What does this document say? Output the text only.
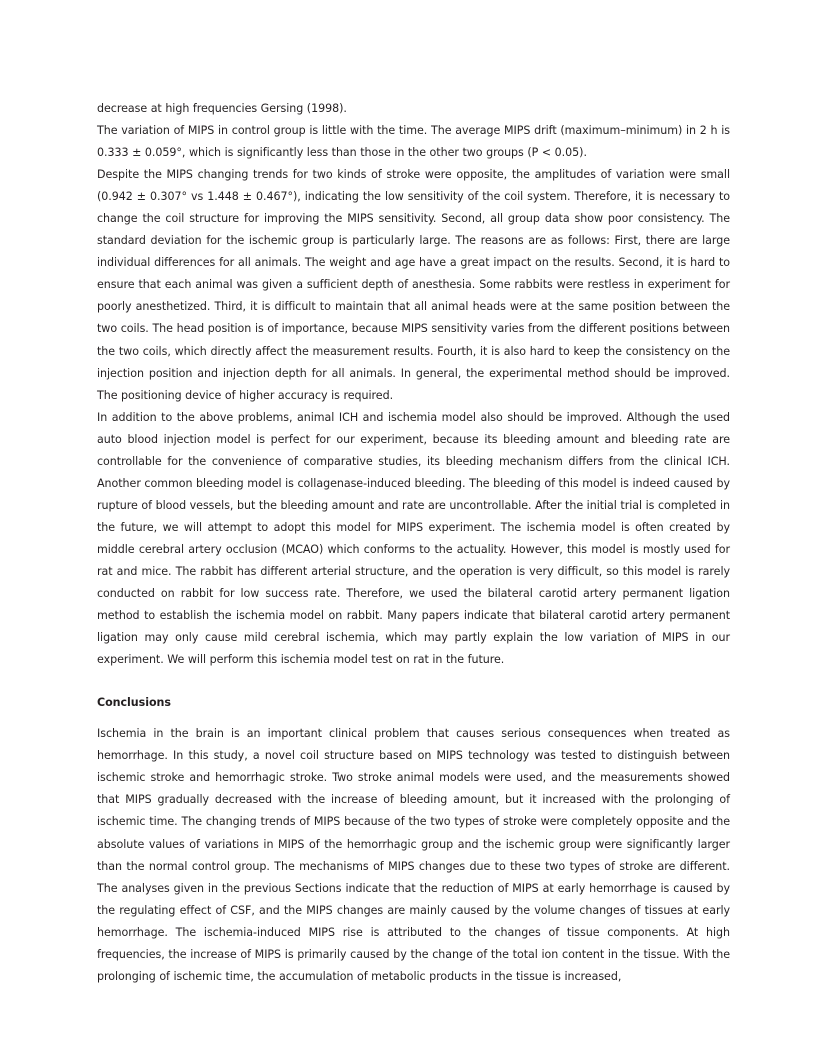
decrease at high frequencies Gersing (1998).

The variation of MIPS in control group is little with the time. The average MIPS drift (maximum–minimum) in 2 h is 0.333 ± 0.059°, which is significantly less than those in the other two groups (P < 0.05).

Despite the MIPS changing trends for two kinds of stroke were opposite, the amplitudes of variation were small (0.942 ± 0.307° vs 1.448 ± 0.467°), indicating the low sensitivity of the coil system. Therefore, it is necessary to change the coil structure for improving the MIPS sensitivity. Second, all group data show poor consistency. The standard deviation for the ischemic group is particularly large. The reasons are as follows: First, there are large individual differences for all animals. The weight and age have a great impact on the results. Second, it is hard to ensure that each animal was given a sufficient depth of anesthesia. Some rabbits were restless in experiment for poorly anesthetized. Third, it is difficult to maintain that all animal heads were at the same position between the two coils. The head position is of importance, because MIPS sensitivity varies from the different positions between the two coils, which directly affect the measurement results. Fourth, it is also hard to keep the consistency on the injection position and injection depth for all animals. In general, the experimental method should be improved. The positioning device of higher accuracy is required.

In addition to the above problems, animal ICH and ischemia model also should be improved. Although the used auto blood injection model is perfect for our experiment, because its bleeding amount and bleeding rate are controllable for the convenience of comparative studies, its bleeding mechanism differs from the clinical ICH. Another common bleeding model is collagenase-induced bleeding. The bleeding of this model is indeed caused by rupture of blood vessels, but the bleeding amount and rate are uncontrollable. After the initial trial is completed in the future, we will attempt to adopt this model for MIPS experiment. The ischemia model is often created by middle cerebral artery occlusion (MCAO) which conforms to the actuality. However, this model is mostly used for rat and mice. The rabbit has different arterial structure, and the operation is very difficult, so this model is rarely conducted on rabbit for low success rate. Therefore, we used the bilateral carotid artery permanent ligation method to establish the ischemia model on rabbit. Many papers indicate that bilateral carotid artery permanent ligation may only cause mild cerebral ischemia, which may partly explain the low variation of MIPS in our experiment. We will perform this ischemia model test on rat in the future.

Conclusions

Ischemia in the brain is an important clinical problem that causes serious consequences when treated as hemorrhage. In this study, a novel coil structure based on MIPS technology was tested to distinguish between ischemic stroke and hemorrhagic stroke. Two stroke animal models were used, and the measurements showed that MIPS gradually decreased with the increase of bleeding amount, but it increased with the prolonging of ischemic time. The changing trends of MIPS because of the two types of stroke were completely opposite and the absolute values of variations in MIPS of the hemorrhagic group and the ischemic group were significantly larger than the normal control group. The mechanisms of MIPS changes due to these two types of stroke are different. The analyses given in the previous Sections indicate that the reduction of MIPS at early hemorrhage is caused by the regulating effect of CSF, and the MIPS changes are mainly caused by the volume changes of tissues at early hemorrhage. The ischemia-induced MIPS rise is attributed to the changes of tissue components. At high frequencies, the increase of MIPS is primarily caused by the change of the total ion content in the tissue. With the prolonging of ischemic time, the accumulation of metabolic products in the tissue is increased,
